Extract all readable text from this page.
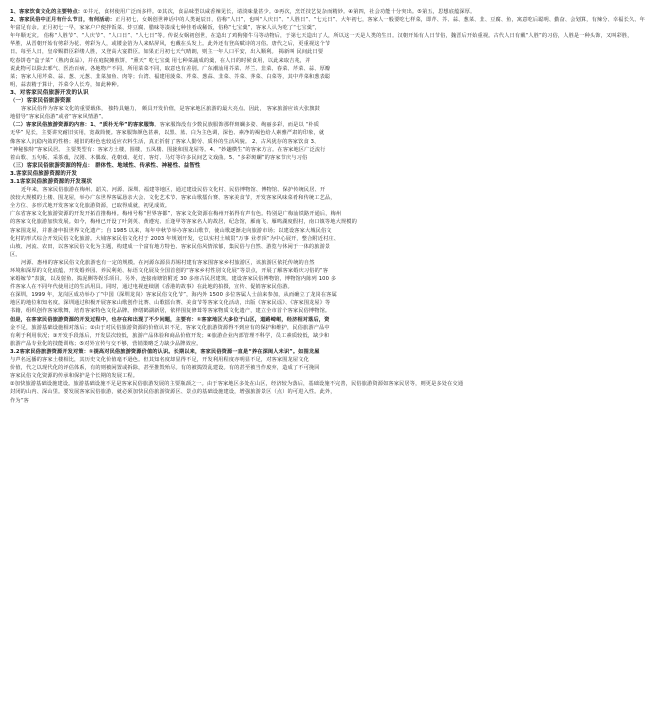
1、客家饮食文化的主要特点：①井元，食材使用广泛而多样。②其次，食品味型以咸香辣见长，请淡味量甚少。③再次，烹饪技艺复杂而精妙。④第四，社会功能十分突出。⑤第五，思想底蕴深厚。
2、客家民俗中正月有什么节日，有何活动：正月初七，女娲创世神话中的人类诞辰日，俗称“人日”，也叫“人庆日”、“人胜日”、“七元日”、大年初七，客家人一般要吃七样菜，即芹、芥、蒜、葱菜、韭、豆腐、鱼，寓意吃后聪明、勤奋、会划算，有辣分、幸福长久、年
年富足有余。正月初七一早，家家户户便拌饭菜、炸豆腐、腊味等凑成七种佳肴或稀饭，俗称“七宝羹”，客家人认为吃了“七宝羹”，
年年顺无灾。 俗称“人胜节”、“人庆节”、“人口日”、“人七日”等。传说女娲初创世，在造出了鸡狗猪牛马等动物后，于第七天造出了人，所以这一天是人类的生日。汉朝开始有人日节俗，魏晋后开始重视。古代人日有戴“人胜”的习俗，人胜是一种头饰，又叫彩胜，
华胜，从晋朝开始有剪彩为花、剪彩为人，或镂金箔为人来贴屏风，也戴在头发上。此外还有登高赋诗的习俗。唐代之后，更重视这个节
日。每至人日，皇帝赐群臣彩缕人胜，又登高大宴群臣。如果正月初七天气晴朗，则主一年人口平安，出入顺利。 揭新叫 民间此日要
吃春饼卷“盒子菜”（熟肉食品），并在庭院摊煎饼，“熏天” 吃七宝羹 用七种菜蔬成的羹，在人日的时候食用，以此来取吉兆，并
说此物可以除去邪气、医治百病。各地物产不同，所用菜菜不同，取意也有差别。广东潮汕用芥菜、芹兰、韭菜、春菜、芹菜、蒜、厚瓣
菜；客家人用芹菜、蒜、葱、元葱、韭菜加鱼、肉等；台湾、福建用菠菜、芹菜、葱蒜、韭菜、芥菜、荠菜、白菜等，其中芹菜和葱表聪
明，蒜表精于算计，芥菜令人长寿，如此种种。
3、对客家民俗旅游开发的认识
（一）客家民俗旅游资源
客家民俗作为客家文化的重要载体， 独特具魅力， 颇具开发价值，是客家地区旅游的最大亮点。因此， 客家旅游应该大张旗鼓
地借导“客家民俗游”或者“客家风情游”。
（二）客家民俗旅游资源的内容：1、“质朴无华”的客家服饰。客家服饰没有少数民族服饰那样斑斓多姿、绚丽多彩，而是以 “朴质
无华” 见长，主要讲究耐旧实用，宽裁简便。客家服饰颜色甚素，以黑、蓝、白为主色调，深色、素净的褐色给人素雅严肃的印象，就
像客家人沉稳内敛的性格；褪旧的粉色也较适应衣料生活，真正折射了客家人勤劳、质朴的生活风貌。 2、古风犹存的客家饮食 3、
“神秘独特”客家民居。 主要类型有：客家方土楼，围楼，五凤楼、围拢和围龙屋等。4、“妙趣横生”的客家方言。在客家地区广泛流行
着山歌、五句板、采茶戏，汉剧、木偶戏、花朝戏、花灯、客灯、马灯等许多民间艺文戏曲。5、“多彩斑斓”的客家节庆与习俗
（三）客家民俗旅游资源的特点： 群体性、地域性、传承性、神秘性、益智性
3.客家民俗旅游资源的开发
3.1客家民俗旅游资源的开发现状
近年来，客家民俗旅游在梅州、韶关、河源、深圳、福建等地区，通过建设民俗文化村、民俗博物馆、博物馆、保护传统民居、开
放较大规模的土楼、围龙屋，举办广东世界客属恳亲大会、文化艺术节、客家山歌擂台赛、客家美食节，开发客家风味菜肴和传统工艺品，
全方位、多形式地开发客家文化旅游资源，已取得成就，初见成效。
广东省客家文化旅游资源的开发开拓首推梅州。梅州号称“世界客都”，客家文化资源在梅州开拓得有声有色。特别是广梅汕铁路开通后，梅州
的客家文化旅游加快发展。如今，梅州已开设了叶剑英、黄遵宪、丘逢甲等客家名人的故居，纪念馆，雁南飞、雁鸣湖度假村，南口镇等地大规模的
客家围龙屋，并准备申报世界文化遗产；自 1985 以来，每年中秋节举办客家山歌节，使山歌逐渐走向旅游市场；以建设客家大城民俗文
化村的形式综合开发民俗文化旅游。大埔客家民俗文化村于 2003 年规划开发，它以实村土城贯“万事 业孝顶”为中心展开，整合附近村庄、
山坡、河流、农田，以客家民俗文化为主题，构建成一个富有地方特色、客家民俗风情浓郁，集民俗与自然、游览与休闲于一体的旅游景
区。
河源、惠州的客家民俗文化旅游也有一定的规模。在河源东源县苏锡村建有客家围客家乡村旅游区，该旅游区依托传统的自然
环境和深厚的文化底蕴，开发婚养园、养民利苑、标语文化展及全国首创的“客家乡村性别文化展”等景点，开展了解客家婚庆习俗的“客
家婚嫁节”表演，以及射鱼、捣泥侧等娱乐项目。另外，连接南塘馆附近 30 多座古民居建筑，建设客家民俗博物馆，博物馆内陈列 100 多
件客家人在不同年代使用过的生活用具。同时，通过电视连续剧《香港的故事》在此地的拍摄，宣传、促销客家民俗游。
在深圳，1999 年，龙岗区成功举办了“中国（深圳龙岗）客家民俗文化节”，海内外 1500 多位客属人士前来参加，从而确立了龙岗在客属
地区的地位和知名度。深圳通过积极开展客家山歌创作比赛、山歌擂台赛、美食节等客家文化活动，出版《客家民谣》、《客家围龙屋》等
书籍，组织创作客家歌舞，培育客家特色文化品牌。修缮鹤湖新居，依样围复修葺等客家物质文化遗产，建立全市首个客家民俗博物馆。
但是，在客家民俗旅游资源的开发过程中，也存在和出现了不少问题，主要有：①客家地区大多位于山区，道路崎岖，经济相对落后，资
金不足，旅游基础设施相对落后；②由于对民俗旅游资源的价值认识不足，客家文化旅游资源得不到应有的保护和维护，民俗旅游产品中
有利于利用状况；③开发手段落后，开发层次较低，旅游产品体验和商品价值开发；④旅游企业内部管理不科学，员工素质较低，缺少和
旅游产品专业化的技能训练；⑤对外宣传与交不够，营销策略乏力缺少品牌效应。
3.2客家民俗旅游资源开发对策：①提高对民俗旅游资源价值的认识。长期以来，客家民俗资源一直是“养在深闺人未识”。如围龙屋
与声名远播的客家土楼相比，其历史文化价值毫不逊色。但其知名度却显得不足，开发利用程度亦明显不足，对客家围龙屋文化
价值，代之以现代化的评估体系，有的则被闲置或拆除，甚至推毁殆尽。有的被捣毁乱建设。有的甚至被当作废弃，造成了不可挽回
客家民俗文化资源的传承和保护是个长期的发展工程。
②加快旅游基础设施建设。旅游基础设施不足是客家民俗旅游发展的主要瓶颈之一。由于客家地区多处在山区，经济较为落后，基础设施不完善，民俗旅游资源如客家民居等，则更是多处在交通
封闭的山内、深山里。要发展客家民俗旅游，就必须加快民俗旅游资源区、景点的基础设施建设，增强旅游景区（点）的可进入性。此外，
作为“客
